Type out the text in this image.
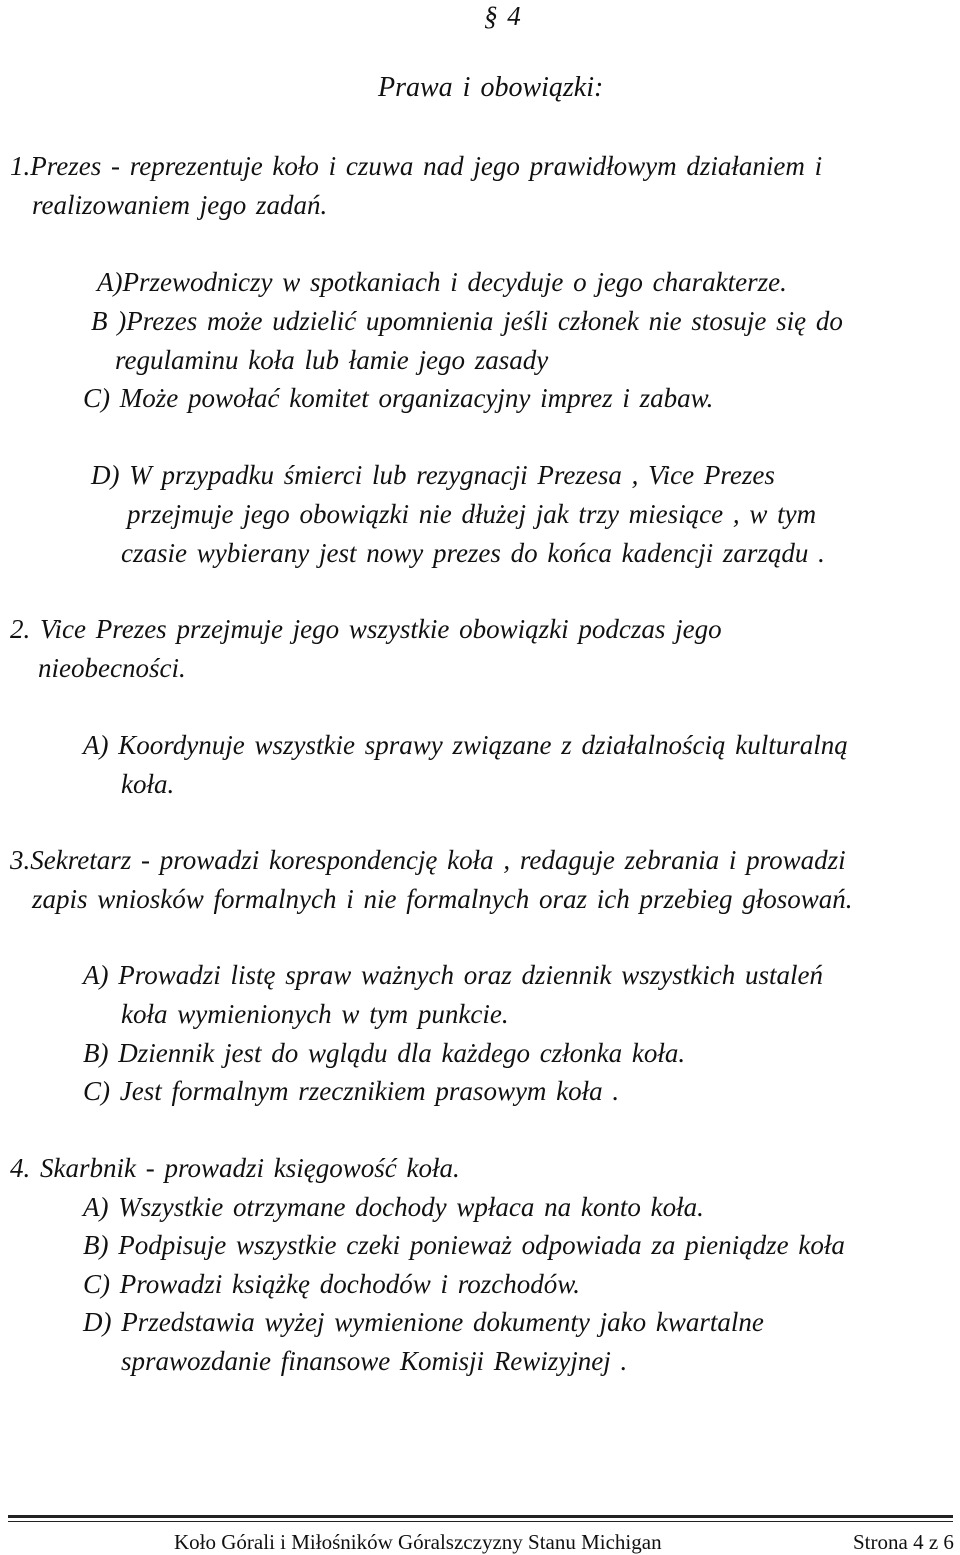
§ 4
Prawa i obowiązki:
1.Prezes - reprezentuje koło i czuwa nad jego prawidłowym działaniem i
realizowaniem jego zadań.
A)Przewodniczy w spotkaniach i decyduje o jego charakterze.
B )Prezes może udzielić upomnienia jeśli członek nie stosuje się do
regulaminu koła lub łamie jego zasady
C) Może powołać komitet organizacyjny imprez i zabaw.
D) W przypadku śmierci lub rezygnacji Prezesa , Vice Prezes
przejmuje jego obowiązki nie dłużej jak trzy miesiące , w tym
czasie wybierany jest nowy prezes do końca kadencji zarządu .
2. Vice Prezes przejmuje jego wszystkie obowiązki podczas jego
nieobecności.
A) Koordynuje wszystkie sprawy związane z działalnością kulturalną
koła.
3.Sekretarz - prowadzi korespondencję koła , redaguje zebrania i prowadzi
zapis wniosków formalnych i nie formalnych oraz ich przebieg głosowań.
A) Prowadzi listę spraw ważnych oraz dziennik wszystkich ustaleń
koła wymienionych w tym punkcie.
B) Dziennik jest do wglądu dla każdego członka koła.
C) Jest formalnym rzecznikiem prasowym koła .
4. Skarbnik - prowadzi księgowość koła.
A) Wszystkie otrzymane dochody wpłaca na konto koła.
B) Podpisuje wszystkie czeki ponieważ odpowiada za pieniądze koła
C) Prowadzi książkę dochodów i rozchodów.
D) Przedstawia wyżej wymienione dokumenty jako kwartalne
sprawozdanie finansowe Komisji Rewizyjnej .
Koło Górali i Miłośników Góralszczyzny Stanu Michigan	Strona 4 z 6
